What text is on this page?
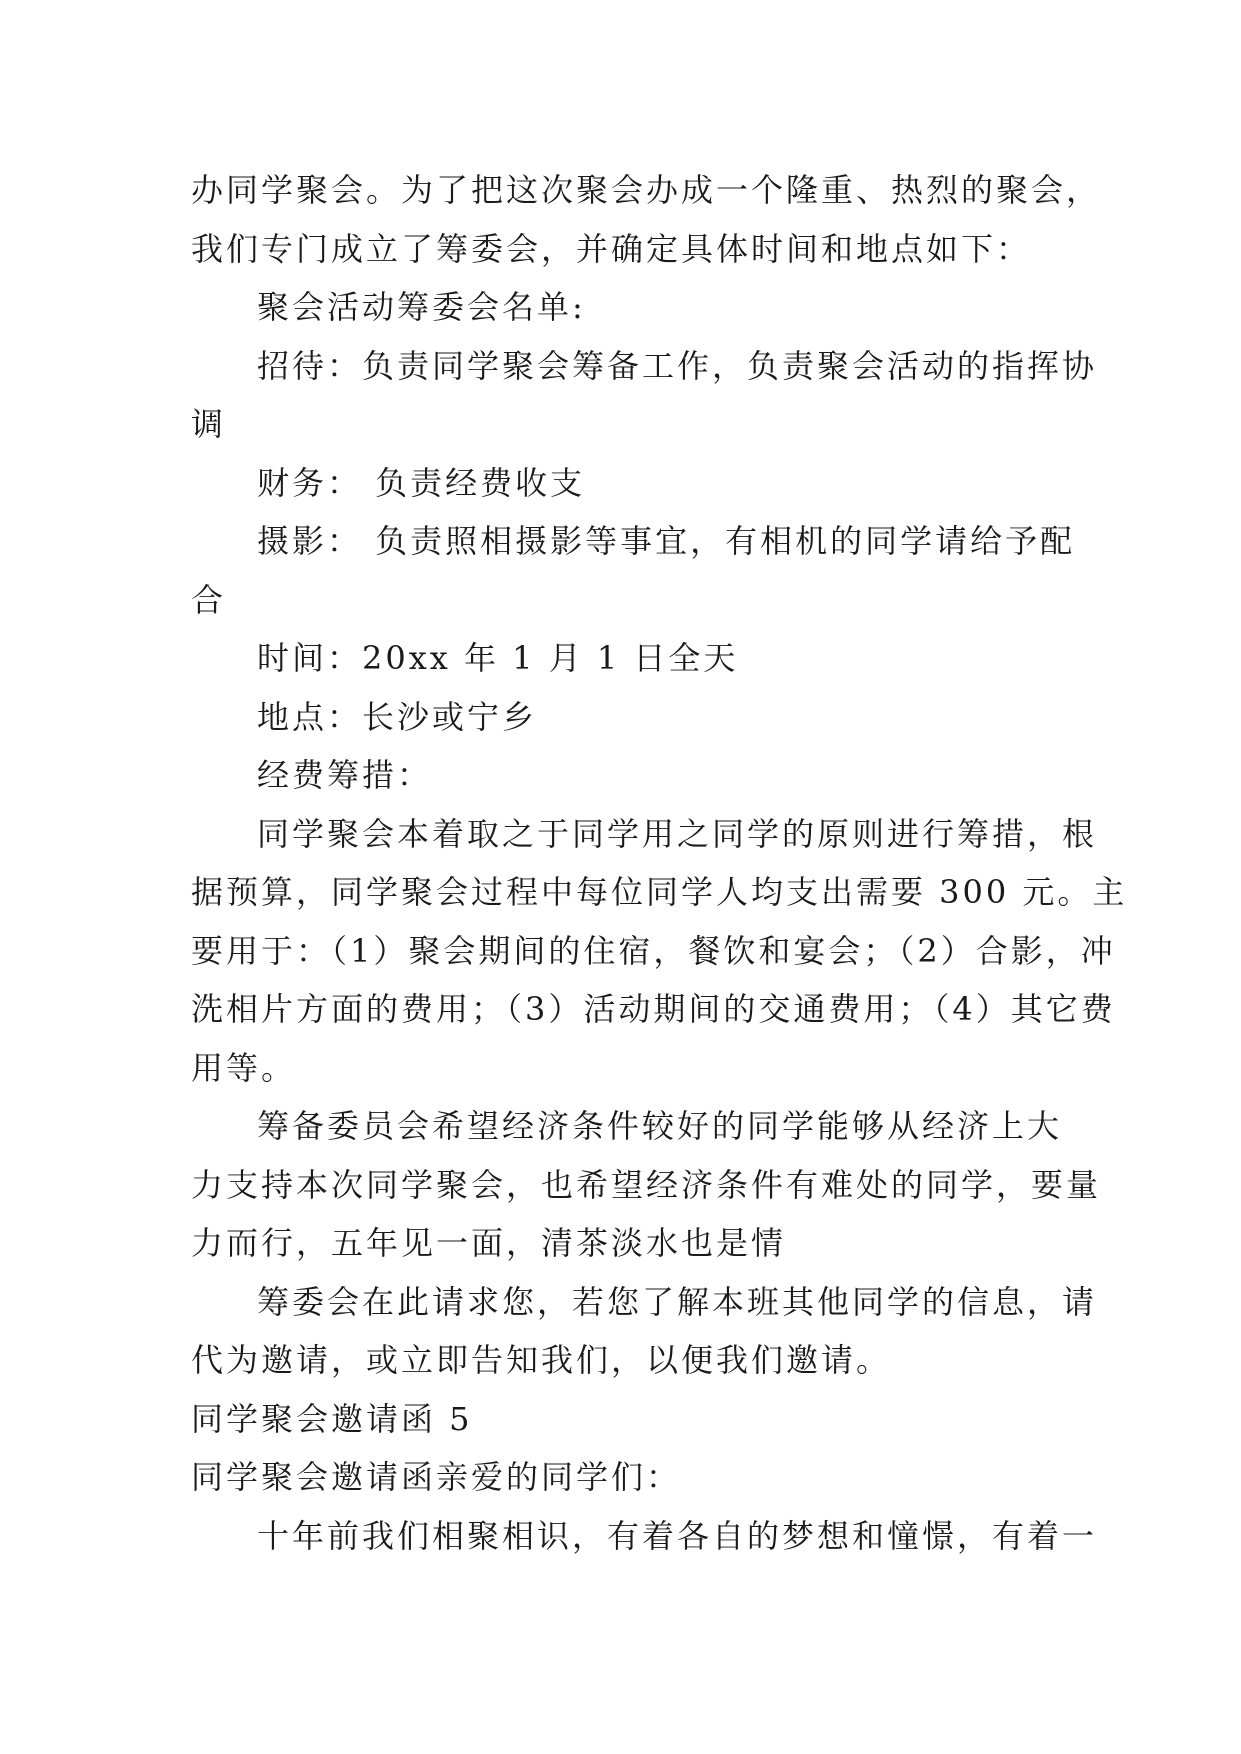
办同学聚会。为了把这次聚会办成一个隆重、热烈的聚会，
我们专门成立了筹委会，并确定具体时间和地点如下：
聚会活动筹委会名单:
招待：负责同学聚会筹备工作，负责聚会活动的指挥协
调
财务： 负责经费收支
摄影： 负责照相摄影等事宜，有相机的同学请给予配
合
时间：20xx 年 1 月 1 日全天
地点：长沙或宁乡
经费筹措：
同学聚会本着取之于同学用之同学的原则进行筹措，根
据预算，同学聚会过程中每位同学人均支出需要 300 元。主
要用于：（1）聚会期间的住宿，餐饮和宴会；（2）合影，冲
洗相片方面的费用；（3）活动期间的交通费用；（4）其它费
用等。
筹备委员会希望经济条件较好的同学能够从经济上大
力支持本次同学聚会，也希望经济条件有难处的同学，要量
力而行，五年见一面，清茶淡水也是情
筹委会在此请求您，若您了解本班其他同学的信息，请
代为邀请，或立即告知我们，以便我们邀请。
同学聚会邀请函 5
同学聚会邀请函亲爱的同学们：
十年前我们相聚相识，有着各自的梦想和憧憬，有着一
